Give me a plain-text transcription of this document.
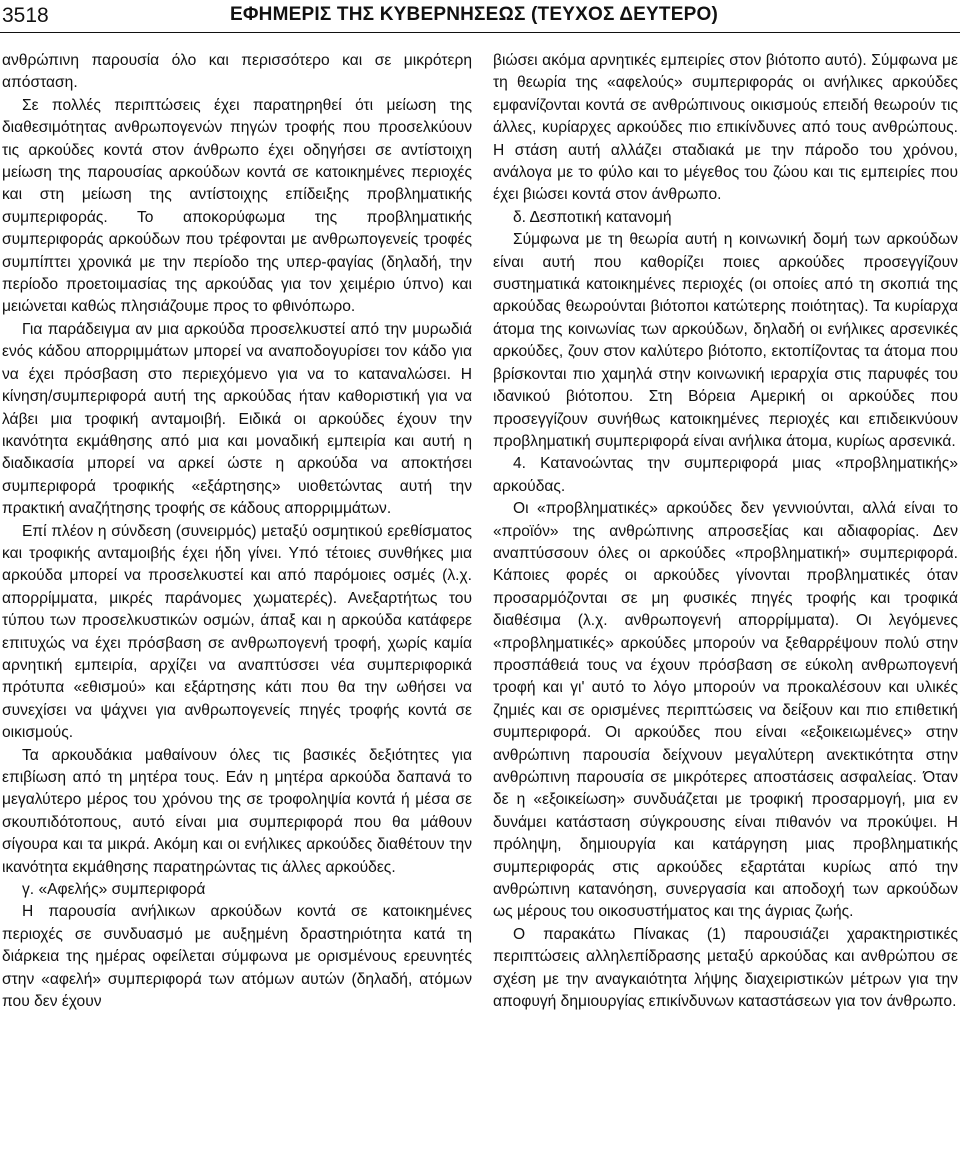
3518	ΕΦΗΜΕΡΙΣ ΤΗΣ ΚΥΒΕΡΝΗΣΕΩΣ (ΤΕΥΧΟΣ ΔΕΥΤΕΡΟ)

ανθρώπινη παρουσία όλο και περισσότερο και σε μικρότερη απόσταση.

Σε πολλές περιπτώσεις έχει παρατηρηθεί ότι μείωση της διαθεσιμότητας ανθρωπογενών πηγών τροφής που προσελκύουν τις αρκούδες κοντά στον άνθρωπο έχει οδηγήσει σε αντίστοιχη μείωση της παρουσίας αρκούδων κοντά σε κατοικημένες περιοχές και στη μείωση της αντίστοιχης επίδειξης προβληματικής συμπεριφοράς. Το αποκορύφωμα της προβληματικής συμπεριφοράς αρκούδων που τρέφονται με ανθρωπογενείς τροφές συμπίπτει χρονικά με την περίοδο της υπερ-φαγίας (δηλαδή, την περίοδο προετοιμασίας της αρκούδας για τον χειμέριο ύπνο) και μειώνεται καθώς πλησιάζουμε προς το φθινόπωρο.

Για παράδειγμα αν μια αρκούδα προσελκυστεί από την μυρωδιά ενός κάδου απορριμμάτων μπορεί να αναποδογυρίσει τον κάδο για να έχει πρόσβαση στο περιεχόμενο για να το καταναλώσει. Η κίνηση/συμπεριφορά αυτή της αρκούδας ήταν καθοριστική για να λάβει μια τροφική ανταμοιβή. Ειδικά οι αρκούδες έχουν την ικανότητα εκμάθησης από μια και μοναδική εμπειρία και αυτή η διαδικασία μπορεί να αρκεί ώστε η αρκούδα να αποκτήσει συμπεριφορά τροφικής «εξάρτησης» υιοθετώντας αυτή την πρακτική αναζήτησης τροφής σε κάδους απορριμμάτων.

Επί πλέον η σύνδεση (συνειρμός) μεταξύ οσμητικού ερεθίσματος και τροφικής ανταμοιβής έχει ήδη γίνει. Υπό τέτοιες συνθήκες μια αρκούδα μπορεί να προσελκυστεί και από παρόμοιες οσμές (λ.χ. απορρίμματα, μικρές παράνομες χωματερές). Ανεξαρτήτως του τύπου των προσελκυστικών οσμών, άπαξ και η αρκούδα κατάφερε επιτυχώς να έχει πρόσβαση σε ανθρωπογενή τροφή, χωρίς καμία αρνητική εμπειρία, αρχίζει να αναπτύσσει νέα συμπεριφορικά πρότυπα «εθισμού» και εξάρτησης κάτι που θα την ωθήσει να συνεχίσει να ψάχνει για ανθρωπογενείς πηγές τροφής κοντά σε οικισμούς.

Τα αρκουδάκια μαθαίνουν όλες τις βασικές δεξιότητες για επιβίωση από τη μητέρα τους. Εάν η μητέρα αρκούδα δαπανά το μεγαλύτερο μέρος του χρόνου της σε τροφοληψία κοντά ή μέσα σε σκουπιδότοπους, αυτό είναι μια συμπεριφορά που θα μάθουν σίγουρα και τα μικρά. Ακόμη και οι ενήλικες αρκούδες διαθέτουν την ικανότητα εκμάθησης παρατηρώντας τις άλλες αρκούδες.

γ. «Αφελής» συμπεριφορά

Η παρουσία ανήλικων αρκούδων κοντά σε κατοικημένες περιοχές σε συνδυασμό με αυξημένη δραστηριότητα κατά τη διάρκεια της ημέρας οφείλεται σύμφωνα με ορισμένους ερευνητές στην «αφελή» συμπεριφορά των ατόμων αυτών (δηλαδή, ατόμων που δεν έχουν

βιώσει ακόμα αρνητικές εμπειρίες στον βιότοπο αυτό). Σύμφωνα με τη θεωρία της «αφελούς» συμπεριφοράς οι ανήλικες αρκούδες εμφανίζονται κοντά σε ανθρώπινους οικισμούς επειδή θεωρούν τις άλλες, κυρίαρχες αρκούδες πιο επικίνδυνες από τους ανθρώπους. Η στάση αυτή αλλάζει σταδιακά με την πάροδο του χρόνου, ανάλογα με το φύλο και το μέγεθος του ζώου και τις εμπειρίες που έχει βιώσει κοντά στον άνθρωπο.

δ. Δεσποτική κατανομή

Σύμφωνα με τη θεωρία αυτή η κοινωνική δομή των αρκούδων είναι αυτή που καθορίζει ποιες αρκούδες προσεγγίζουν συστηματικά κατοικημένες περιοχές (οι οποίες από τη σκοπιά της αρκούδας θεωρούνται βιότοποι κατώτερης ποιότητας). Τα κυρίαρχα άτομα της κοινωνίας των αρκούδων, δηλαδή οι ενήλικες αρσενικές αρκούδες, ζουν στον καλύτερο βιότοπο, εκτοπίζοντας τα άτομα που βρίσκονται πιο χαμηλά στην κοινωνική ιεραρχία στις παρυφές του ιδανικού βιότοπου. Στη Βόρεια Αμερική οι αρκούδες που προσεγγίζουν συνήθως κατοικημένες περιοχές και επιδεικνύουν προβληματική συμπεριφορά είναι ανήλικα άτομα, κυρίως αρσενικά.

4. Κατανοώντας την συμπεριφορά μιας «προβληματικής» αρκούδας.

Οι «προβληματικές» αρκούδες δεν γεννιούνται, αλλά είναι το «προϊόν» της ανθρώπινης απροσεξίας και αδιαφορίας. Δεν αναπτύσσουν όλες οι αρκούδες «προβληματική» συμπεριφορά. Κάποιες φορές οι αρκούδες γίνονται προβληματικές όταν προσαρμόζονται σε μη φυσικές πηγές τροφής και τροφικά διαθέσιμα (λ.χ. ανθρωπογενή απορρίμματα). Οι λεγόμενες «προβληματικές» αρκούδες μπορούν να ξεθαρρέψουν πολύ στην προσπάθειά τους να έχουν πρόσβαση σε εύκολη ανθρωπογενή τροφή και γι' αυτό το λόγο μπορούν να προκαλέσουν και υλικές ζημιές και σε ορισμένες περιπτώσεις να δείξουν και πιο επιθετική συμπεριφορά. Οι αρκούδες που είναι «εξοικειωμένες» στην ανθρώπινη παρουσία δείχνουν μεγαλύτερη ανεκτικότητα στην ανθρώπινη παρουσία σε μικρότερες αποστάσεις ασφαλείας. Όταν δε η «εξοικείωση» συνδυάζεται με τροφική προσαρμογή, μια εν δυνάμει κατάσταση σύγκρουσης είναι πιθανόν να προκύψει. Η πρόληψη, δημιουργία και κατάργηση μιας προβληματικής συμπεριφοράς στις αρκούδες εξαρτάται κυρίως από την ανθρώπινη κατανόηση, συνεργασία και αποδοχή των αρκούδων ως μέρους του οικοσυστήματος και της άγριας ζωής.

Ο παρακάτω Πίνακας (1) παρουσιάζει χαρακτηριστικές περιπτώσεις αλληλεπίδρασης μεταξύ αρκούδας και ανθρώπου σε σχέση με την αναγκαιότητα λήψης διαχειριστικών μέτρων για την αποφυγή δημιουργίας επικίνδυνων καταστάσεων για τον άνθρωπο.
